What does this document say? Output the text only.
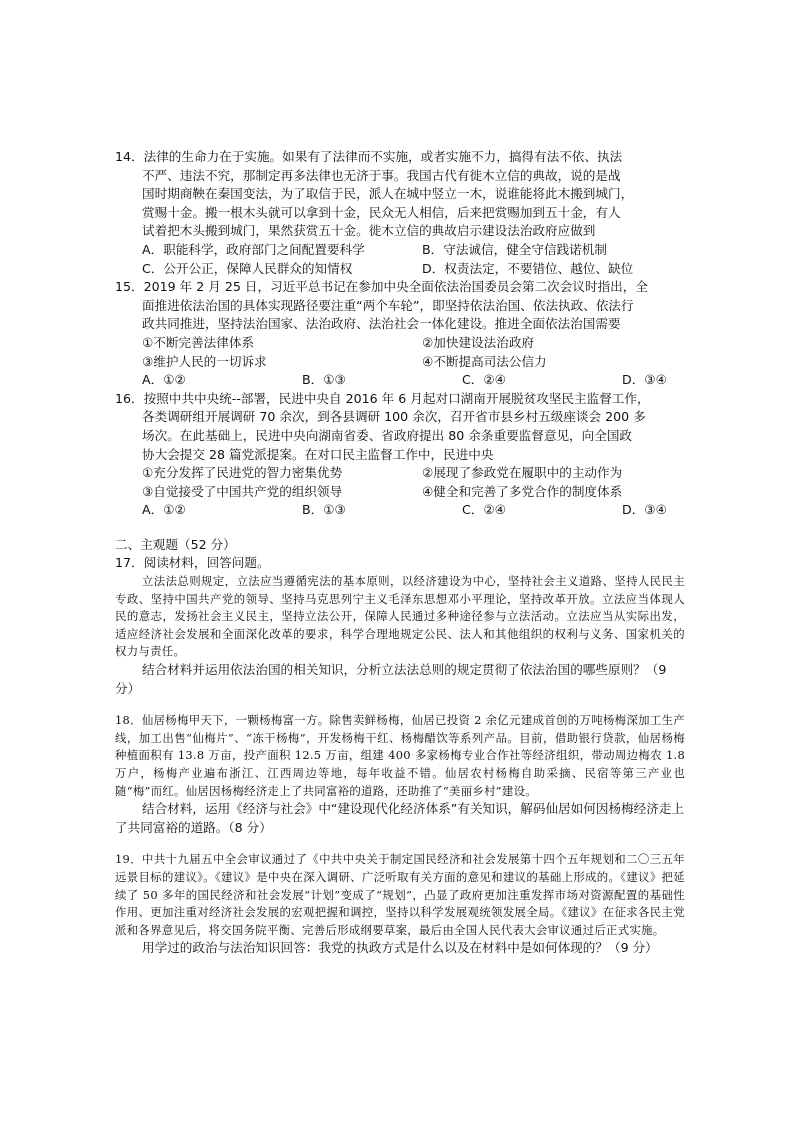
14．法律的生命力在于实施。如果有了法律而不实施，或者实施不力，搞得有法不依、执法
不严、违法不究，那制定再多法律也无济于事。我国古代有徙木立信的典故，说的是战
国时期商鞅在秦国变法，为了取信于民，派人在城中竖立一木，说谁能将此木搬到城门，
赏赐十金。搬一根木头就可以拿到十金，民众无人相信，后来把赏赐加到五十金，有人
试着把木头搬到城门，果然获赏五十金。徙木立信的典故启示建设法治政府应做到
A．职能科学，政府部门之间配置要科学	B．守法诚信，健全守信践诺机制
C．公开公正，保障人民群众的知情权	D．权责法定，不要错位、越位、缺位
15．2019 年 2 月 25 日，习近平总书记在参加中央全面依法治国委员会第二次会议时指出，全
面推进依法治国的具体实现路径要注重“两个车轮”，即坚持依法治国、依法执政、依法行
政共同推进，坚持法治国家、法治政府、法治社会一体化建设。推进全面依法治国需要
①不断完善法律体系	②加快建设法治政府
③维护人民的一切诉求	④不断提高司法公信力
A．①②	B．①③	C．②④	D．③④
16．按照中共中央统--部署，民进中央自 2016 年 6 月起对口湖南开展脱贫攻坚民主监督工作，
各类调研组开展调研 70 余次，到各县调研 100 余次，召开省市县乡村五级座谈会 200 多
场次。在此基础上，民进中央向湖南省委、省政府提出 80 余条重要监督意见，向全国政
协大会提交 28 篇党派提案。在对口民主监督工作中，民进中央
①充分发挥了民进党的智力密集优势	②展现了参政党在履职中的主动作为
③自觉接受了中国共产党的组织领导	④健全和完善了多党合作的制度体系
A．①②	B．①③	C．②④	D．③④
二、主观题（52 分）
17．阅读材料，回答问题。
立法法总则规定，立法应当遵循宪法的基本原则，以经济建设为中心，坚持社会主义道路、坚持人民民主专政、坚持中国共产党的领导、坚持马克思列宁主义毛泽东思想邓小平理论，坚持改革开放。立法应当体现人民的意志，发扬社会主义民主，坚持立法公开，保障人民通过多种途径参与立法活动。立法应当从实际出发，适应经济社会发展和全面深化改革的要求，科学合理地规定公民、法人和其他组织的权利与义务、国家机关的权力与责任。
结合材料并运用依法治国的相关知识，分析立法法总则的规定贯彻了依法治国的哪些原则？（9 分）
18．仙居杨梅甲天下，一颗杨梅富一方。除售卖鲜杨梅，仙居已投资 2 余亿元建成首创的万吨杨梅深加工生产线，加工出售“仙梅片”、“冻干杨梅”，开发杨梅干红、杨梅醋饮等系列产品。目前，借助银行贷款，仙居杨梅种植面积有 13.8 万亩，投产面积 12.5 万亩，组建 400 多家杨梅专业合作社等经济组织，带动周边梅农 1.8 万户，杨梅产业遍布浙江、江西周边等地，每年收益不错。仙居农村杨梅自助采摘、民宿等第三产业也随“梅”而红。仙居因杨梅经济走上了共同富裕的道路，还助推了“美丽乡村”建设。
结合材料，运用《经济与社会》中“建设现代化经济体系”有关知识，解码仙居如何因杨梅经济走上了共同富裕的道路。（8 分）
19．中共十九届五中全会审议通过了《中共中央关于制定国民经济和社会发展第十四个五年规划和二〇三五年远景目标的建议》。《建议》是中央在深入调研、广泛听取有关方面的意见和建议的基础上形成的。《建议》把延续了 50 多年的国民经济和社会发展“计划”变成了“规划”，凸显了政府更加注重发挥市场对资源配置的基础性作用、更加注重对经济社会发展的宏观把握和调控，坚持以科学发展观统领发展全局。《建议》在征求各民主党派和各界意见后，将交国务院平衡、完善后形成纲要草案，最后由全国人民代表大会审议通过后正式实施。
用学过的政治与法治知识回答：我党的执政方式是什么以及在材料中是如何体现的？（9 分）
